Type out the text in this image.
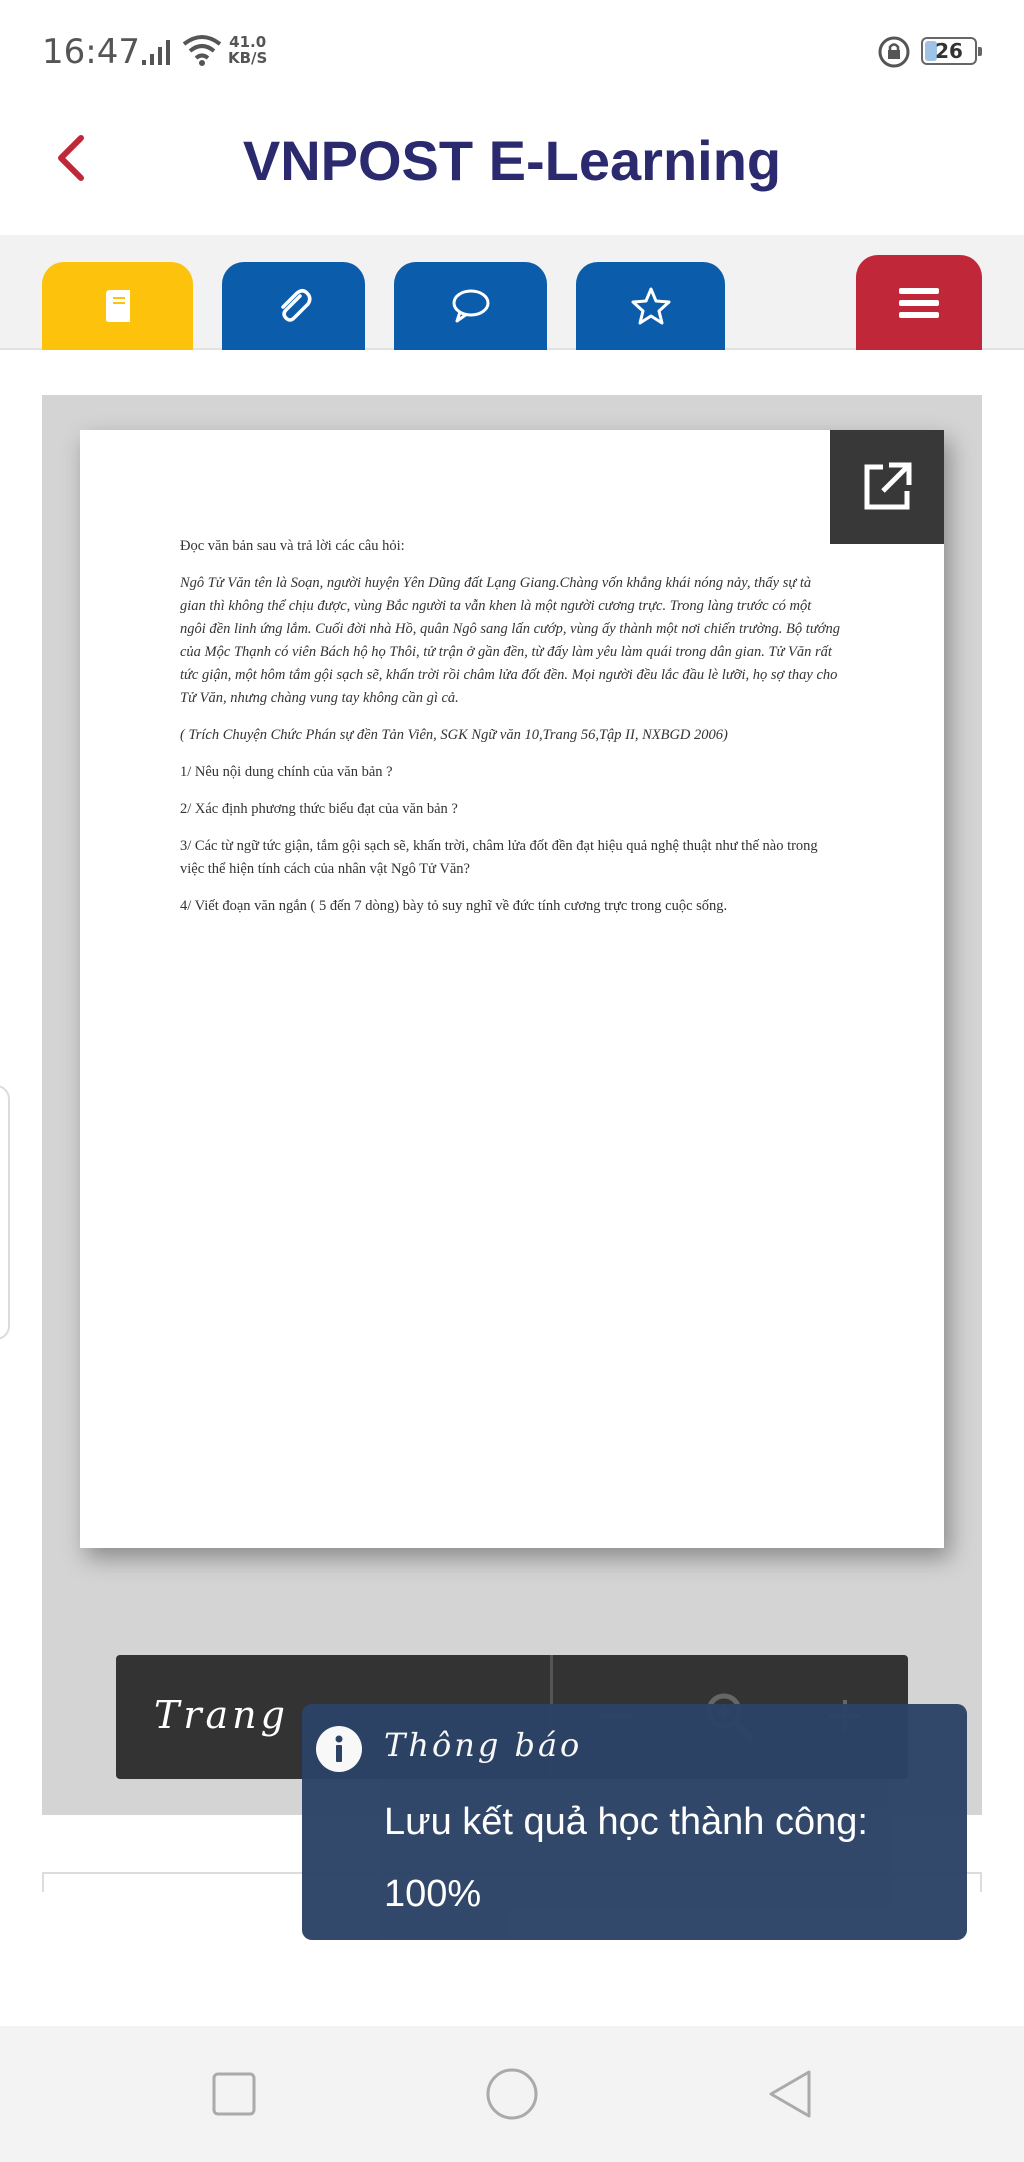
16:47	41.0
KB/S	26
VNPOST E-Learning

Đọc văn bản sau và trả lời các câu hỏi:

Ngô Tử Văn tên là Soạn, người huyện Yên Dũng đất Lạng Giang.Chàng vốn khẳng khái nóng nảy, thấy sự tà gian thì không thể chịu được, vùng Bắc người ta vẫn khen là một người cương trực. Trong làng trước có một ngôi đền linh ứng lắm. Cuối đời nhà Hồ, quân Ngô sang lấn cướp, vùng ấy thành một nơi chiến trường. Bộ tướng của Mộc Thạnh có viên Bách hộ họ Thôi, tử trận ở gần đền, từ đấy làm yêu làm quái trong dân gian. Tử Văn rất tức giận, một hôm tắm gội sạch sẽ, khấn trời rồi châm lửa đốt đền. Mọi người đều lắc đầu lè lưỡi, họ sợ thay cho Tử Văn, nhưng chàng vung tay không cần gì cả.

( Trích Chuyện Chức Phán sự đền Tản Viên, SGK Ngữ văn 10,Trang 56,Tập II, NXBGD 2006)

1/ Nêu nội dung chính của văn bản ?

2/ Xác định phương thức biểu đạt của văn bản ?

3/ Các từ ngữ tức giận, tắm gội sạch sẽ, khấn trời, châm lửa đốt đền đạt hiệu quả nghệ thuật như thế nào trong việc thể hiện tính cách của nhân vật Ngô Tử Văn?

4/ Viết đoạn văn ngắn ( 5 đến 7 dòng) bày tỏ suy nghĩ về đức tính cương trực trong cuộc sống.

Trang
Thông báo
Lưu kết quả học thành công: 100%
